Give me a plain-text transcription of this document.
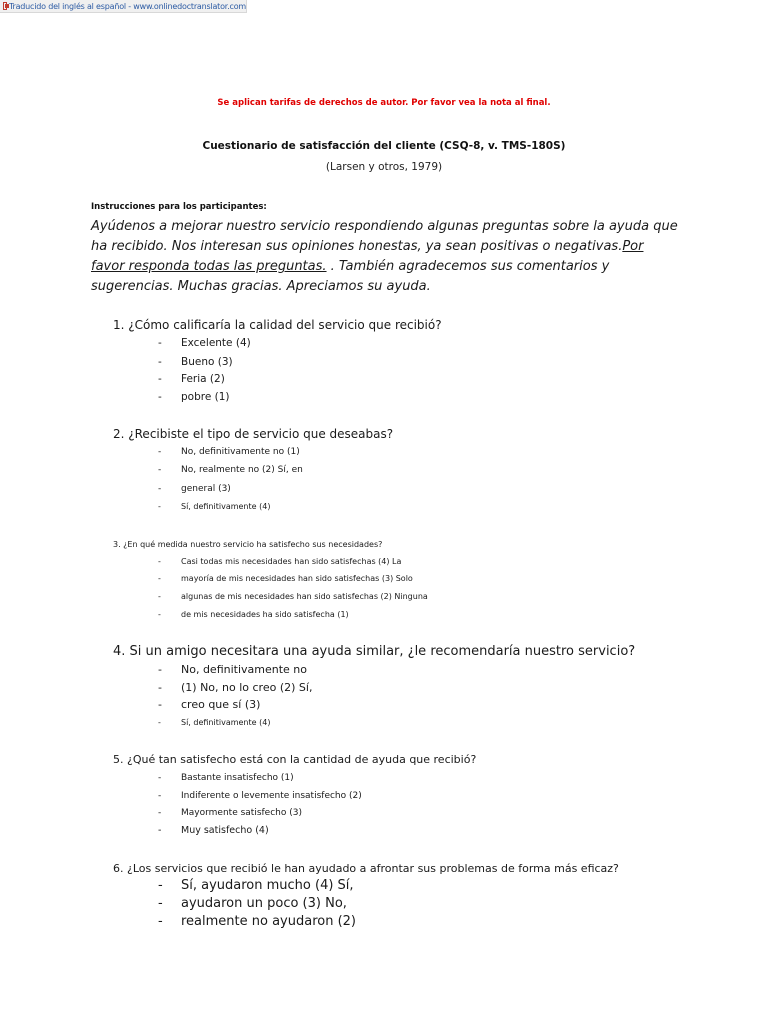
Traducido del inglés al español - www.onlinedoctranslator.com
Se aplican tarifas de derechos de autor. Por favor vea la nota al final.
Cuestionario de satisfacción del cliente (CSQ-8, v. TMS-180S)
(Larsen y otros, 1979)
Instrucciones para los participantes:
Ayúdenos a mejorar nuestro servicio respondiendo algunas preguntas sobre la ayuda que ha recibido. Nos interesan sus opiniones honestas, ya sean positivas o negativas.Por favor responda todas las preguntas. . También agradecemos sus comentarios y sugerencias. Muchas gracias. Apreciamos su ayuda.
1. ¿Cómo calificaría la calidad del servicio que recibió?
- Excelente (4)
- Bueno (3)
- Feria (2)
- pobre (1)
2. ¿Recibiste el tipo de servicio que deseabas?
- No, definitivamente no (1)
- No, realmente no (2) Sí, en
- general (3)
-	Sí, definitivamente (4)
3. ¿En qué medida nuestro servicio ha satisfecho sus necesidades?
-	Casi todas mis necesidades han sido satisfechas (4) La
-	mayoría de mis necesidades han sido satisfechas (3) Solo
-	algunas de mis necesidades han sido satisfechas (2) Ninguna
-	de mis necesidades ha sido satisfecha (1)
4. Si un amigo necesitara una ayuda similar, ¿le recomendaría nuestro servicio?
- No, definitivamente no
- (1) No, no lo creo (2) Sí,
- creo que sí (3)
-	Sí, definitivamente (4)
5. ¿Qué tan satisfecho está con la cantidad de ayuda que recibió?
- Bastante insatisfecho (1)
- Indiferente o levemente insatisfecho (2)
- Mayormente satisfecho (3)
- Muy satisfecho (4)
6. ¿Los servicios que recibió le han ayudado a afrontar sus problemas de forma más eficaz?
- Sí, ayudaron mucho (4) Sí,
- ayudaron un poco (3) No,
- realmente no ayudaron (2)
